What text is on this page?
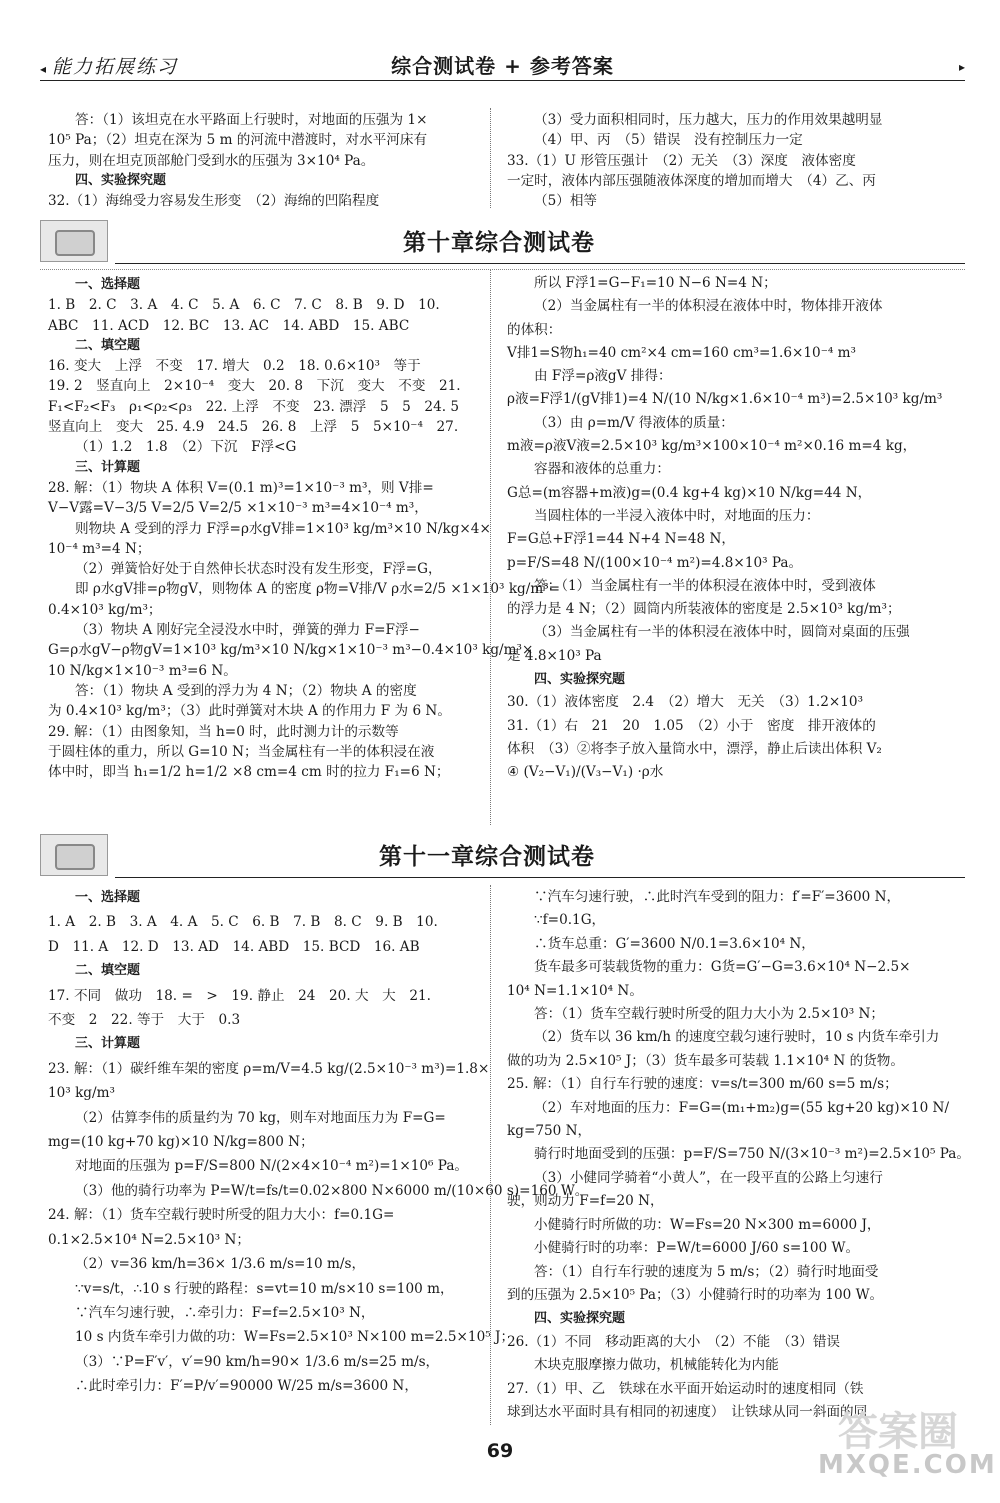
◂ 能力拓展练习	综合测试卷 + 参考答案	▸
答：（1）该坦克在水平路面上行驶时，对地面的压强为 1×
10⁵ Pa；（2）坦克在深为 5 m 的河流中潜渡时，对水平河床有
压力，则在坦克顶部舱门受到水的压强为 3×10⁴ Pa。
四、实验探究题
32.（1）海绵受力容易发生形变　（2）海绵的凹陷程度
（3）受力面积相同时，压力越大，压力的作用效果越明显
（4）甲、丙　（5）错误　没有控制压力一定
33.（1）U 形管压强计　（2）无关　（3）深度　液体密度
一定时，液体内部压强随液体深度的增加而增大　（4）乙、丙
（5）相等
第十章综合测试卷
一、选择题
1. B　2. C　3. A　4. C　5. A　6. C　7. C　8. B　9. D　10.
ABC　11. ACD　12. BC　13. AC　14. ABD　15. ABC
二、填空题
16. 变大　上浮　不变　17. 增大　0.2　18. 0.6×10³　等于
19. 2　竖直向上　2×10⁻⁴　变大　20. 8　下沉　变大　不变　21.
F₁<F₂<F₃　ρ₁<ρ₂<ρ₃　22. 上浮　不变　23. 漂浮　5　5　24. 5
竖直向上　变大　25. 4.9　24.5　26. 8　上浮　5　5×10⁻⁴　27.
（1）1.2　1.8　（2）下沉　F浮<G
三、计算题
28. 解：（1）物块 A 体积 V=(0.1 m)³=1×10⁻³ m³，则 V排=
V−V露=V−3/5 V=2/5 V=2/5 ×1×10⁻³ m³=4×10⁻⁴ m³，
则物块 A 受到的浮力 F浮=ρ水gV排=1×10³ kg/m³×10 N/kg×4×
10⁻⁴ m³=4 N；
（2）弹簧恰好处于自然伸长状态时没有发生形变，F浮=G，
即 ρ水gV排=ρ物gV，则物体 A 的密度 ρ物=V排/V ρ水=2/5 ×1×10³ kg/m³=
0.4×10³ kg/m³；
（3）物块 A 刚好完全浸没水中时，弹簧的弹力 F=F浮−
G=ρ水gV−ρ物gV=1×10³ kg/m³×10 N/kg×1×10⁻³ m³−0.4×10³ kg/m³×
10 N/kg×1×10⁻³ m³=6 N。
答：（1）物块 A 受到的浮力为 4 N；（2）物块 A 的密度
为 0.4×10³ kg/m³；（3）此时弹簧对木块 A 的作用力 F 为 6 N。
29. 解：（1）由图象知，当 h=0 时，此时测力计的示数等
于圆柱体的重力，所以 G=10 N；当金属柱有一半的体积浸在液
体中时，即当 h₁=1/2 h=1/2 ×8 cm=4 cm 时的拉力 F₁=6 N；
所以 F浮1=G−F₁=10 N−6 N=4 N；
（2）当金属柱有一半的体积浸在液体中时，物体排开液体
的体积：
V排1=S物h₁=40 cm²×4 cm=160 cm³=1.6×10⁻⁴ m³
由 F浮=ρ液gV 排得：
ρ液=F浮1/(gV排1)=4 N/(10 N/kg×1.6×10⁻⁴ m³)=2.5×10³ kg/m³
（3）由 ρ=m/V 得液体的质量：
m液=ρ液V液=2.5×10³ kg/m³×100×10⁻⁴ m²×0.16 m=4 kg，
容器和液体的总重力：
G总=(m容器+m液)g=(0.4 kg+4 kg)×10 N/kg=44 N，
当圆柱体的一半浸入液体中时，对地面的压力：
F=G总+F浮1=44 N+4 N=48 N，
p=F/S=48 N/(100×10⁻⁴ m²)=4.8×10³ Pa。
答：（1）当金属柱有一半的体积浸在液体中时，受到液体
的浮力是 4 N；（2）圆筒内所装液体的密度是 2.5×10³ kg/m³；
（3）当金属柱有一半的体积浸在液体中时，圆筒对桌面的压强
是 4.8×10³ Pa
四、实验探究题
30.（1）液体密度　2.4　（2）增大　无关　（3）1.2×10³
31.（1）右　21　20　1.05　（2）小于　密度　排开液体的
体积　（3）②将李子放入量筒水中，漂浮，静止后读出体积 V₂
④ (V₂−V₁)/(V₃−V₁) ·ρ水
第十一章综合测试卷
一、选择题
1. A　2. B　3. A　4. A　5. C　6. B　7. B　8. C　9. B　10.
D　11. A　12. D　13. AD　14. ABD　15. BCD　16. AB
二、填空题
17. 不同　做功　18. =　>　19. 静止　24　20. 大　大　21.
不变　2　22. 等于　大于　0.3
三、计算题
23. 解：（1）碳纤维车架的密度 ρ=m/V=4.5 kg/(2.5×10⁻³ m³)=1.8×
10³ kg/m³
（2）估算李伟的质量约为 70 kg，则车对地面压力为 F=G=
mg=(10 kg+70 kg)×10 N/kg=800 N；
对地面的压强为 p=F/S=800 N/(2×4×10⁻⁴ m²)=1×10⁶ Pa。
（3）他的骑行功率为 P=W/t=fs/t=0.02×800 N×6000 m/(10×60 s)=160 W。
24. 解：（1）货车空载行驶时所受的阻力大小：f=0.1G=
0.1×2.5×10⁴ N=2.5×10³ N；
（2）v=36 km/h=36× 1/3.6 m/s=10 m/s，
∵v=s/t，∴10 s 行驶的路程：s=vt=10 m/s×10 s=100 m，
∵汽车匀速行驶，∴牵引力：F=f=2.5×10³ N，
10 s 内货车牵引力做的功：W=Fs=2.5×10³ N×100 m=2.5×10⁵ J；
（3）∵P=F′v′，v′=90 km/h=90× 1/3.6 m/s=25 m/s，
∴此时牵引力：F′=P/v′=90000 W/25 m/s=3600 N，
∵汽车匀速行驶，∴此时汽车受到的阻力：f′=F′=3600 N，
∵f=0.1G，
∴货车总重：G′=3600 N/0.1=3.6×10⁴ N，
货车最多可装载货物的重力：G货=G′−G=3.6×10⁴ N−2.5×
10⁴ N=1.1×10⁴ N。
答：（1）货车空载行驶时所受的阻力大小为 2.5×10³ N；
（2）货车以 36 km/h 的速度空载匀速行驶时，10 s 内货车牵引力
做的功为 2.5×10⁵ J；（3）货车最多可装载 1.1×10⁴ N 的货物。
25. 解：（1）自行车行驶的速度：v=s/t=300 m/60 s=5 m/s；
（2）车对地面的压力：F=G=(m₁+m₂)g=(55 kg+20 kg)×10 N/
kg=750 N，
骑行时地面受到的压强：p=F/S=750 N/(3×10⁻³ m²)=2.5×10⁵ Pa。
（3）小健同学骑着“小黄人”，在一段平直的公路上匀速行
驶，则动力 F=f=20 N，
小健骑行时所做的功：W=Fs=20 N×300 m=6000 J，
小健骑行时的功率：P=W/t=6000 J/60 s=100 W。
答：（1）自行车行驶的速度为 5 m/s；（2）骑行时地面受
到的压强为 2.5×10⁵ Pa；（3）小健骑行时的功率为 100 W。
四、实验探究题
26.（1）不同　移动距离的大小　（2）不能　（3）错误
木块克服摩擦力做功，机械能转化为内能
27.（1）甲、乙　铁球在水平面开始运动时的速度相同（铁
球到达水平面时具有相同的初速度）　让铁球从同一斜面的同
69	答案圈
MXQE.COM
